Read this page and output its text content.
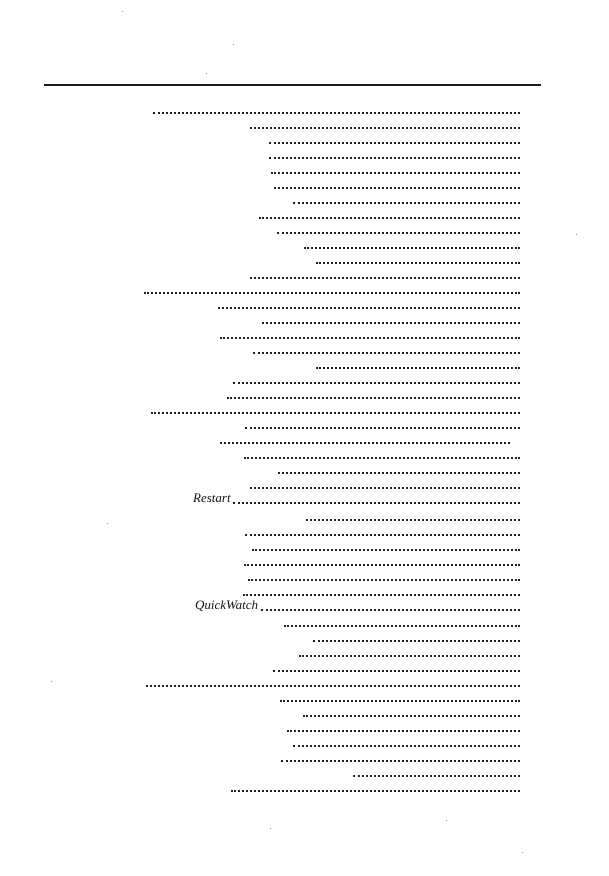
Restart
QuickWatch
